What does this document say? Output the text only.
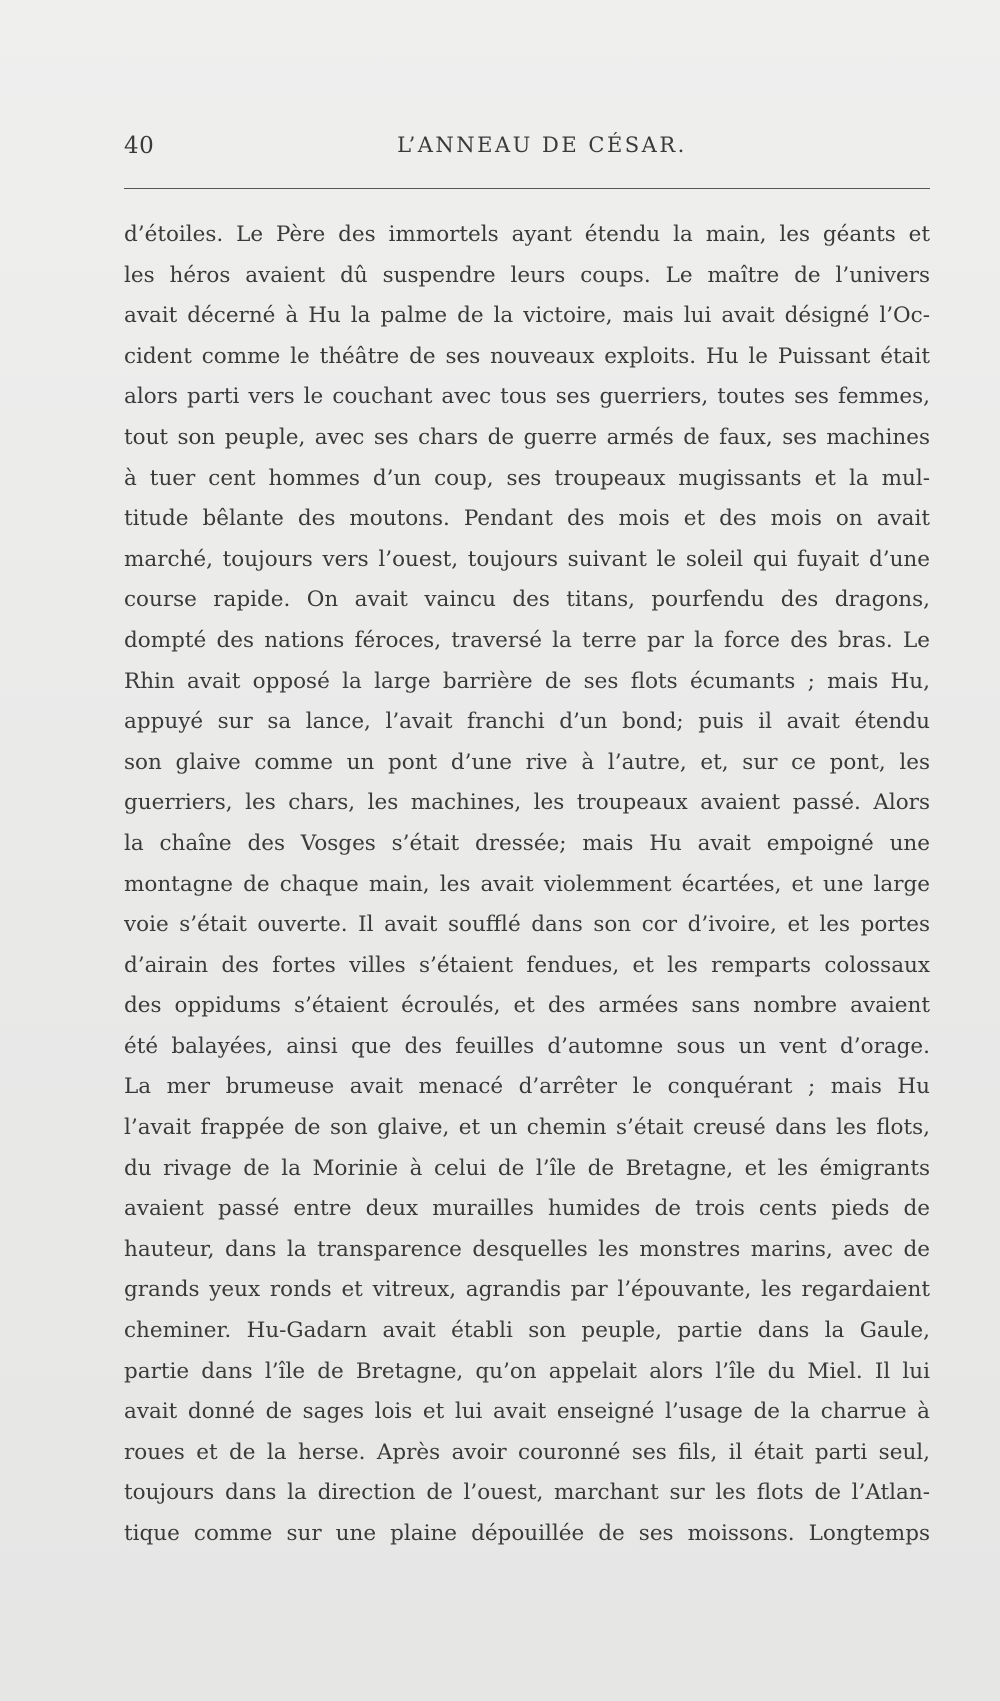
40	L’ANNEAU DE CÉSAR.
d’étoiles. Le Père des immortels ayant étendu la main, les géants et
les héros avaient dû suspendre leurs coups. Le maître de l’univers
avait décerné à Hu la palme de la victoire, mais lui avait désigné l’Oc-
cident comme le théâtre de ses nouveaux exploits. Hu le Puissant était
alors parti vers le couchant avec tous ses guerriers, toutes ses femmes,
tout son peuple, avec ses chars de guerre armés de faux, ses machines
à tuer cent hommes d’un coup, ses troupeaux mugissants et la mul-
titude bêlante des moutons. Pendant des mois et des mois on avait
marché, toujours vers l’ouest, toujours suivant le soleil qui fuyait d’une
course rapide. On avait vaincu des titans, pourfendu des dragons,
dompté des nations féroces, traversé la terre par la force des bras. Le
Rhin avait opposé la large barrière de ses flots écumants ; mais Hu,
appuyé sur sa lance, l’avait franchi d’un bond; puis il avait étendu
son glaive comme un pont d’une rive à l’autre, et, sur ce pont, les
guerriers, les chars, les machines, les troupeaux avaient passé. Alors
la chaîne des Vosges s’était dressée; mais Hu avait empoigné une
montagne de chaque main, les avait violemment écartées, et une large
voie s’était ouverte. Il avait soufflé dans son cor d’ivoire, et les portes
d’airain des fortes villes s’étaient fendues, et les remparts colossaux
des oppidums s’étaient écroulés, et des armées sans nombre avaient
été balayées, ainsi que des feuilles d’automne sous un vent d’orage.
La mer brumeuse avait menacé d’arrêter le conquérant ; mais Hu
l’avait frappée de son glaive, et un chemin s’était creusé dans les flots,
du rivage de la Morinie à celui de l’île de Bretagne, et les émigrants
avaient passé entre deux murailles humides de trois cents pieds de
hauteur, dans la transparence desquelles les monstres marins, avec de
grands yeux ronds et vitreux, agrandis par l’épouvante, les regardaient
cheminer. Hu-Gadarn avait établi son peuple, partie dans la Gaule,
partie dans l’île de Bretagne, qu’on appelait alors l’île du Miel. Il lui
avait donné de sages lois et lui avait enseigné l’usage de la charrue à
roues et de la herse. Après avoir couronné ses fils, il était parti seul,
toujours dans la direction de l’ouest, marchant sur les flots de l’Atlan-
tique comme sur une plaine dépouillée de ses moissons. Longtemps
